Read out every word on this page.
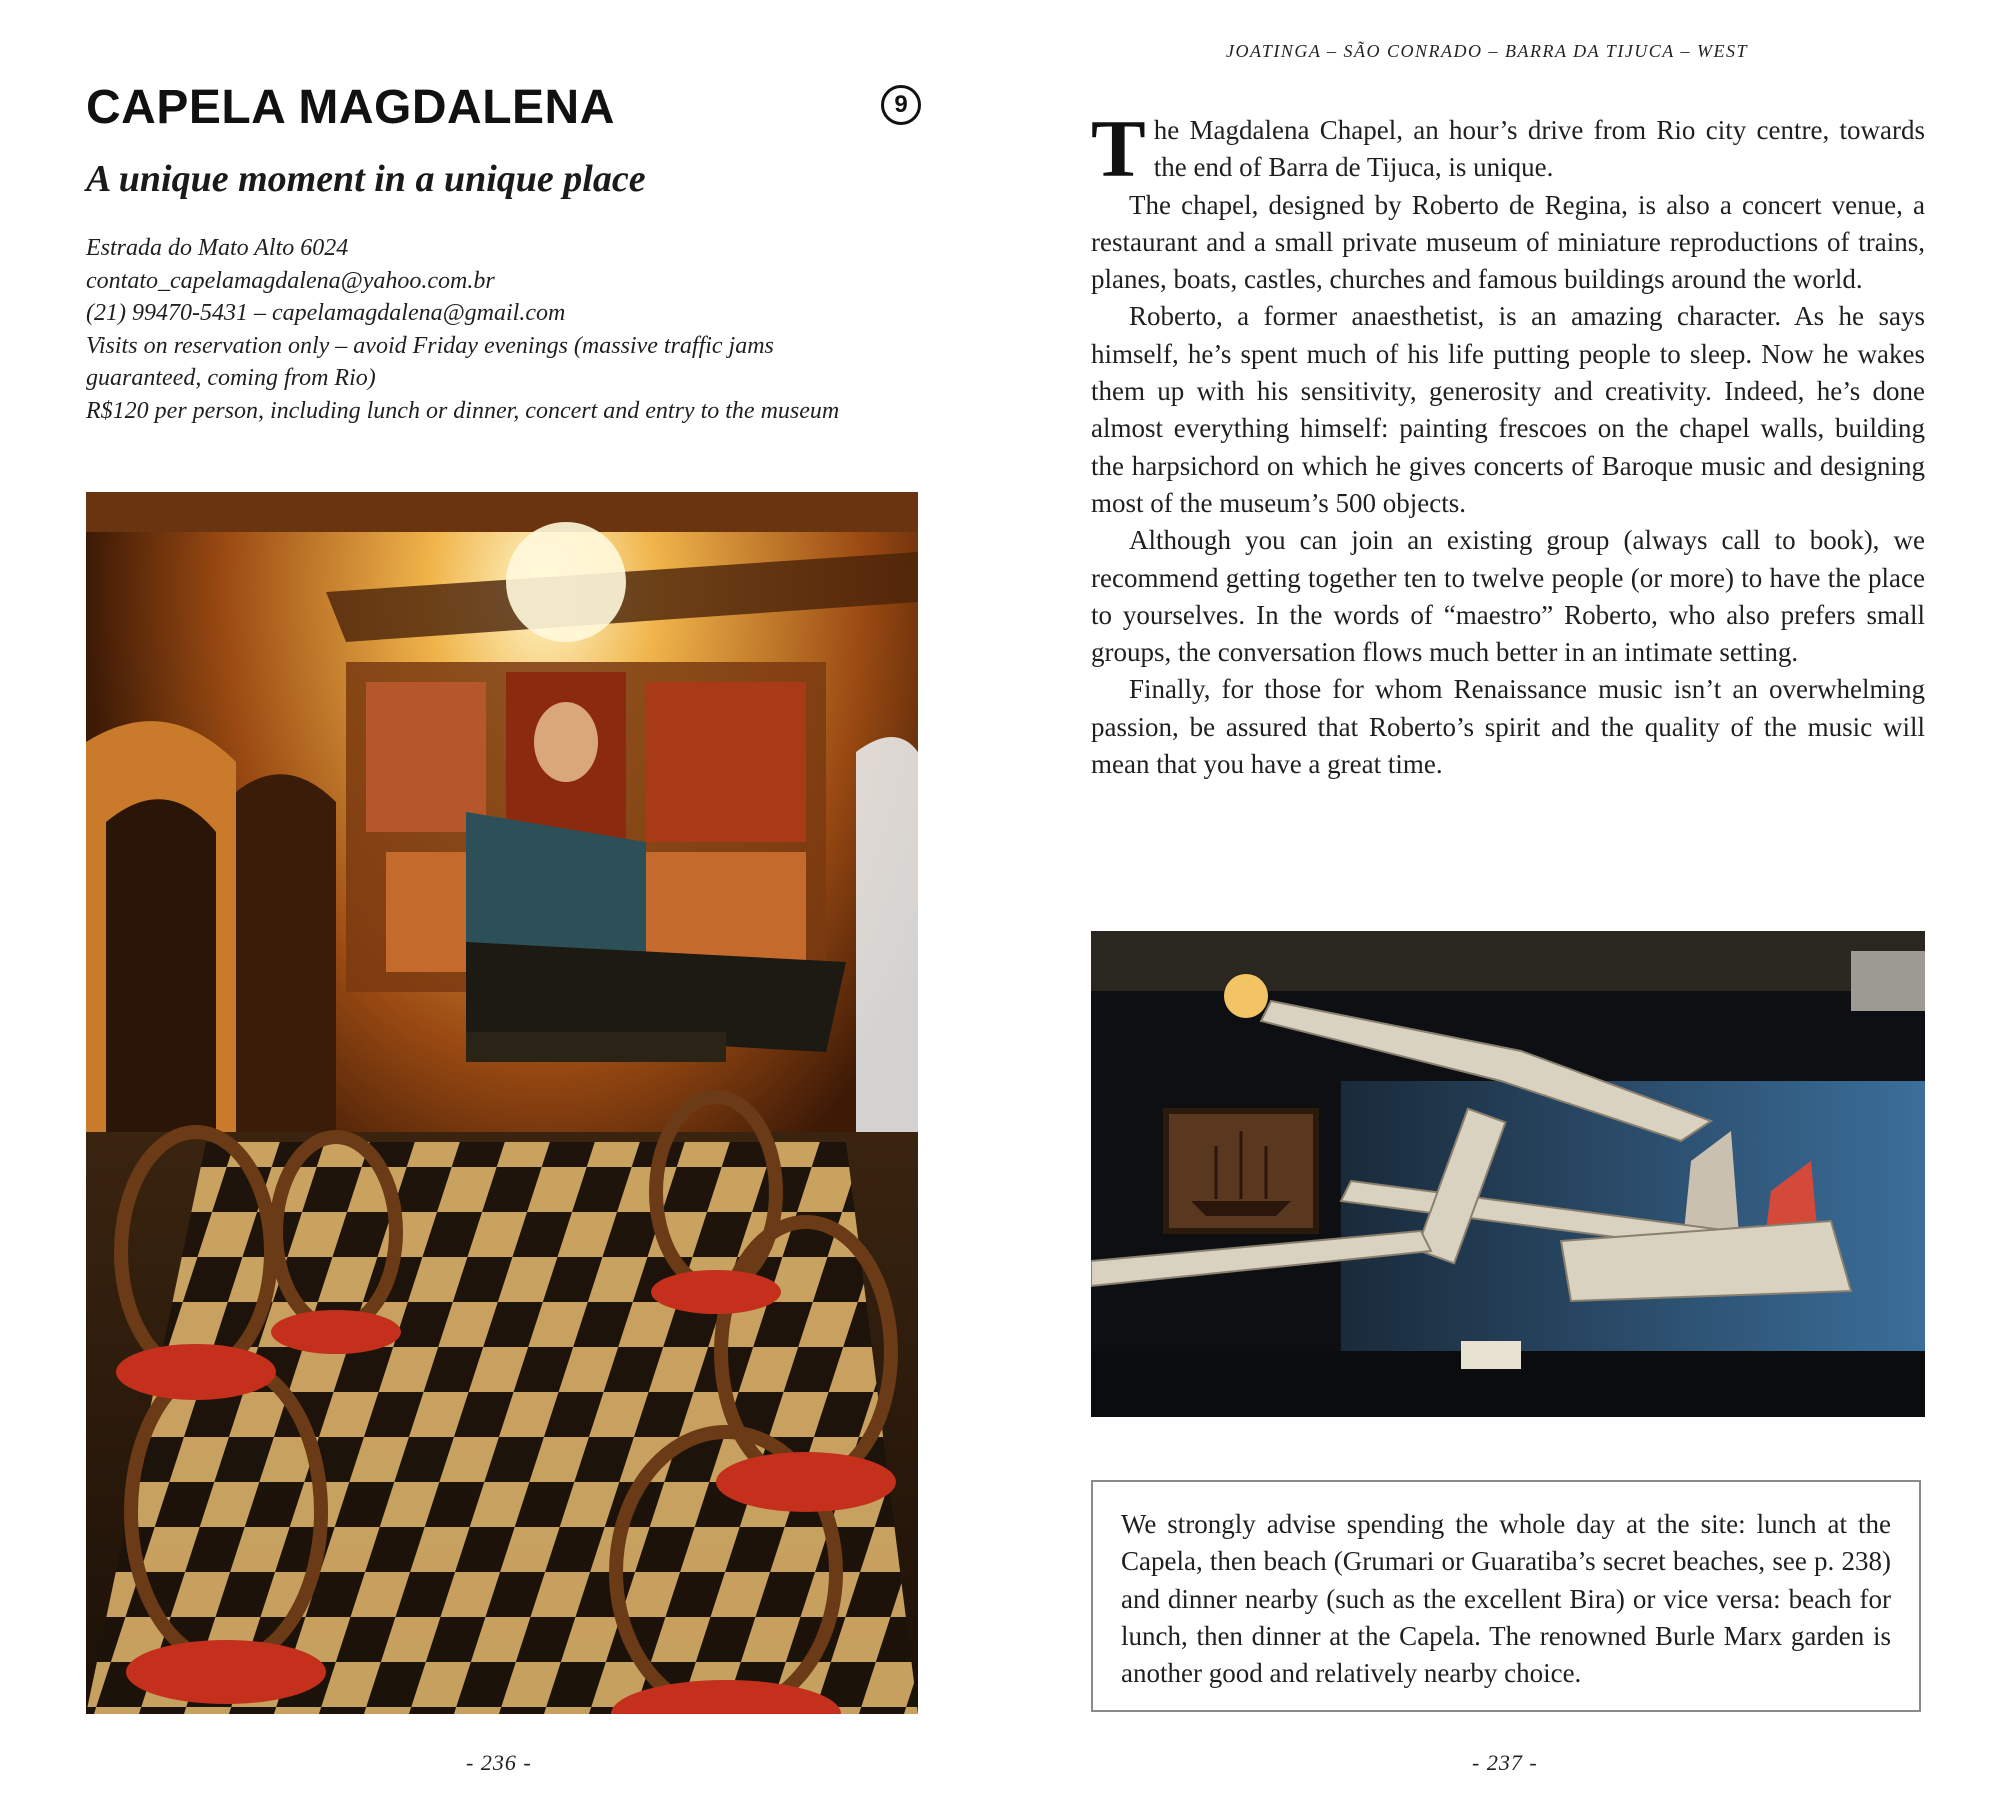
CAPELA MAGDALENA	9
A unique moment in a unique place
Estrada do Mato Alto 6024
contato_capelamagdalena@yahoo.com.br
(21) 99470-5431 – capelamagdalena@gmail.com
Visits on reservation only – avoid Friday evenings (massive traffic jams guaranteed, coming from Rio)
R$120 per person, including lunch or dinner, concert and entry to the museum
- 236 -
JOATINGA – SÃO CONRADO – BARRA DA TIJUCA – WEST

The Magdalena Chapel, an hour’s drive from Rio city centre, towards the end of Barra de Tijuca, is unique.

The chapel, designed by Roberto de Regina, is also a concert venue, a restaurant and a small private museum of miniature reproductions of trains, planes, boats, castles, churches and famous buildings around the world.

Roberto, a former anaesthetist, is an amazing character. As he says himself, he’s spent much of his life putting people to sleep. Now he wakes them up with his sensitivity, generosity and creativity. Indeed, he’s done almost everything himself: painting frescoes on the chapel walls, building the harpsichord on which he gives concerts of Baroque music and designing most of the museum’s 500 objects.

Although you can join an existing group (always call to book), we recommend getting together ten to twelve people (or more) to have the place to yourselves. In the words of “maestro” Roberto, who also prefers small groups, the conversation flows much better in an intimate setting.

Finally, for those for whom Renaissance music isn’t an overwhelming passion, be assured that Roberto’s spirit and the quality of the music will mean that you have a great time.

We strongly advise spending the whole day at the site: lunch at the Capela, then beach (Grumari or Guaratiba’s secret beaches, see p. 238) and dinner nearby (such as the excellent Bira) or vice versa: beach for lunch, then dinner at the Capela. The renowned Burle Marx garden is another good and relatively nearby choice.

- 237 -
